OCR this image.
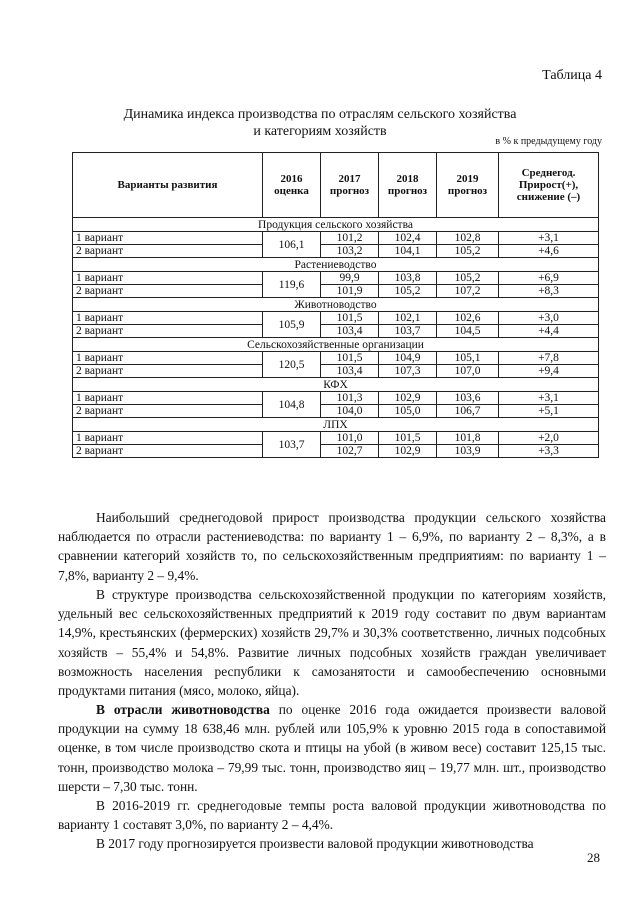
Таблица 4
Динамика индекса производства по отраслям сельского хозяйства
и категориям хозяйств
в % к предыдущему году
Варианты развития	2016 оценка	2017 прогноз	2018 прогноз	2019 прогноз	Среднегод. Прирост(+), снижение (–)
Продукция сельского хозяйства					
1 вариант	106,1	101,2	102,4	102,8	+3,1
2 вариант		103,2	104,1	105,2	+4,6
Растениеводство					
1 вариант	119,6	99,9	103,8	105,2	+6,9
2 вариант		101,9	105,2	107,2	+8,3
Животноводство					
1 вариант	105,9	101,5	102,1	102,6	+3,0
2 вариант		103,4	103,7	104,5	+4,4
Сельскохозяйственные организации					
1 вариант	120,5	101,5	104,9	105,1	+7,8
2 вариант		103,4	107,3	107,0	+9,4
КФХ					
1 вариант	104,8	101,3	102,9	103,6	+3,1
2 вариант		104,0	105,0	106,7	+5,1
ЛПХ					
1 вариант	103,7	101,0	101,5	101,8	+2,0
2 вариант		102,7	102,9	103,9	+3,3
Наибольший среднегодовой прирост производства продукции сельского хозяйства наблюдается по отрасли растениеводства: по варианту 1 – 6,9%, по варианту 2 – 8,3%, а в сравнении категорий хозяйств то, по сельскохозяйственным предприятиям: по варианту 1 – 7,8%, варианту 2 – 9,4%.
В структуре производства сельскохозяйственной продукции по категориям хозяйств, удельный вес сельскохозяйственных предприятий к 2019 году составит по двум вариантам 14,9%, крестьянских (фермерских) хозяйств 29,7% и 30,3% соответственно, личных подсобных хозяйств – 55,4% и 54,8%. Развитие личных подсобных хозяйств граждан увеличивает возможность населения республики к самозанятости и самообеспечению основными продуктами питания (мясо, молоко, яйца).
В отрасли животноводства по оценке 2016 года ожидается произвести валовой продукции на сумму 18 638,46 млн. рублей или 105,9% к уровню 2015 года в сопоставимой оценке, в том числе производство скота и птицы на убой (в живом весе) составит 125,15 тыс. тонн, производство молока – 79,99 тыс. тонн, производство яиц – 19,77 млн. шт., производство шерсти – 7,30 тыс. тонн.
В 2016-2019 гг. среднегодовые темпы роста валовой продукции животноводства по варианту 1 составят 3,0%, по варианту 2 – 4,4%.
В 2017 году прогнозируется произвести валовой продукции животноводства
28
